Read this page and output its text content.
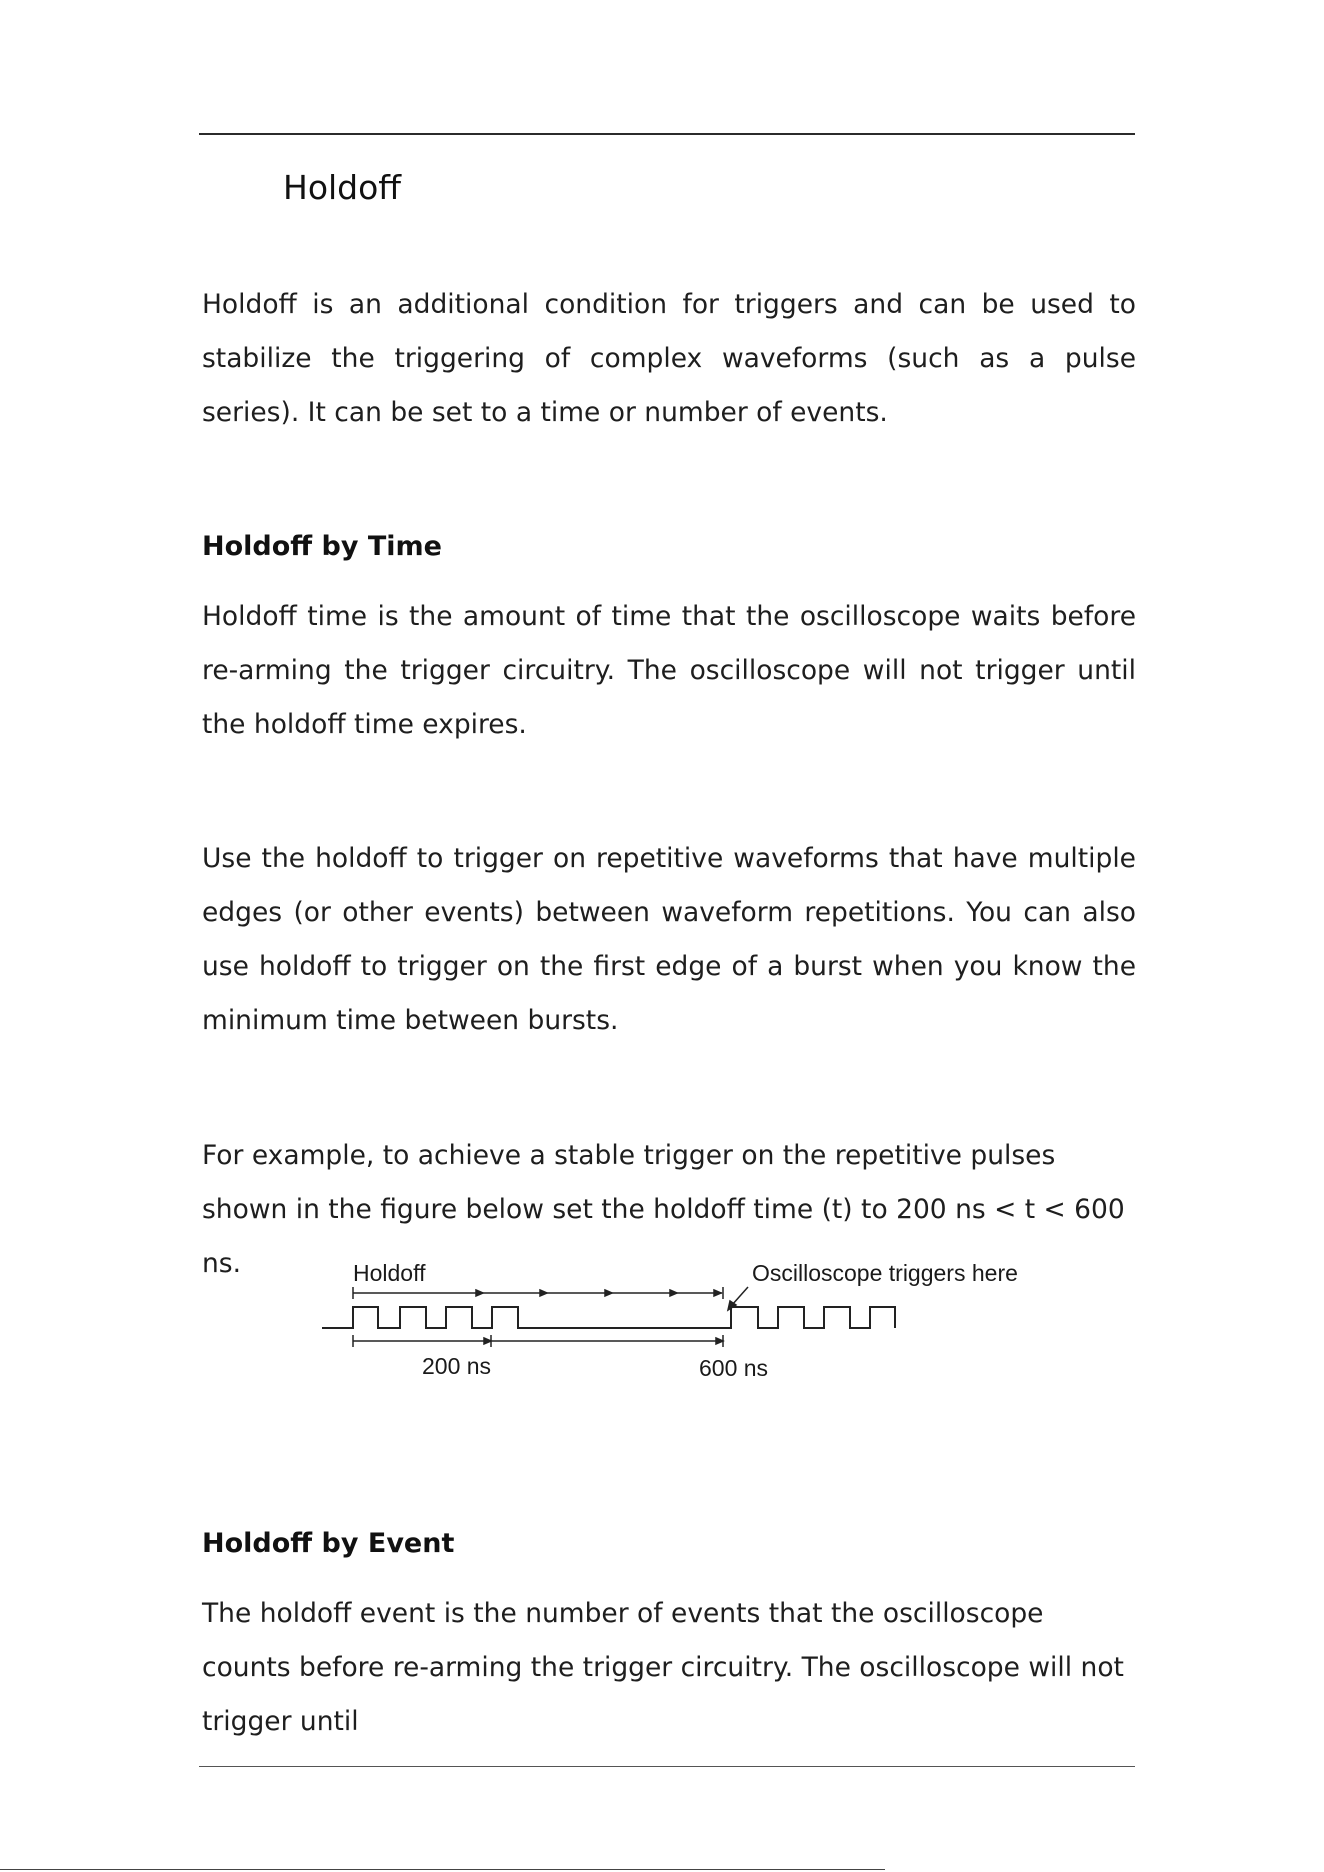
Holdoff

Holdoff is an additional condition for triggers and can be used to stabilize the triggering of complex waveforms (such as a pulse series). It can be set to a time or number of events.

Holdoff by Time

Holdoff time is the amount of time that the oscilloscope waits before re-arming the trigger circuitry. The oscilloscope will not trigger until the holdoff time expires.

Use the holdoff to trigger on repetitive waveforms that have multiple edges (or other events) between waveform repetitions. You can also use holdoff to trigger on the first edge of a burst when you know the minimum time between bursts.

For example, to achieve a stable trigger on the repetitive pulses shown in the figure below set the holdoff time (t) to 200 ns < t < 600 ns.	Holdoff	Oscilloscope triggers here
200 ns	600 ns
Holdoff by Event

The holdoff event is the number of events that the oscilloscope counts before re-arming the trigger circuitry. The oscilloscope will not trigger until
